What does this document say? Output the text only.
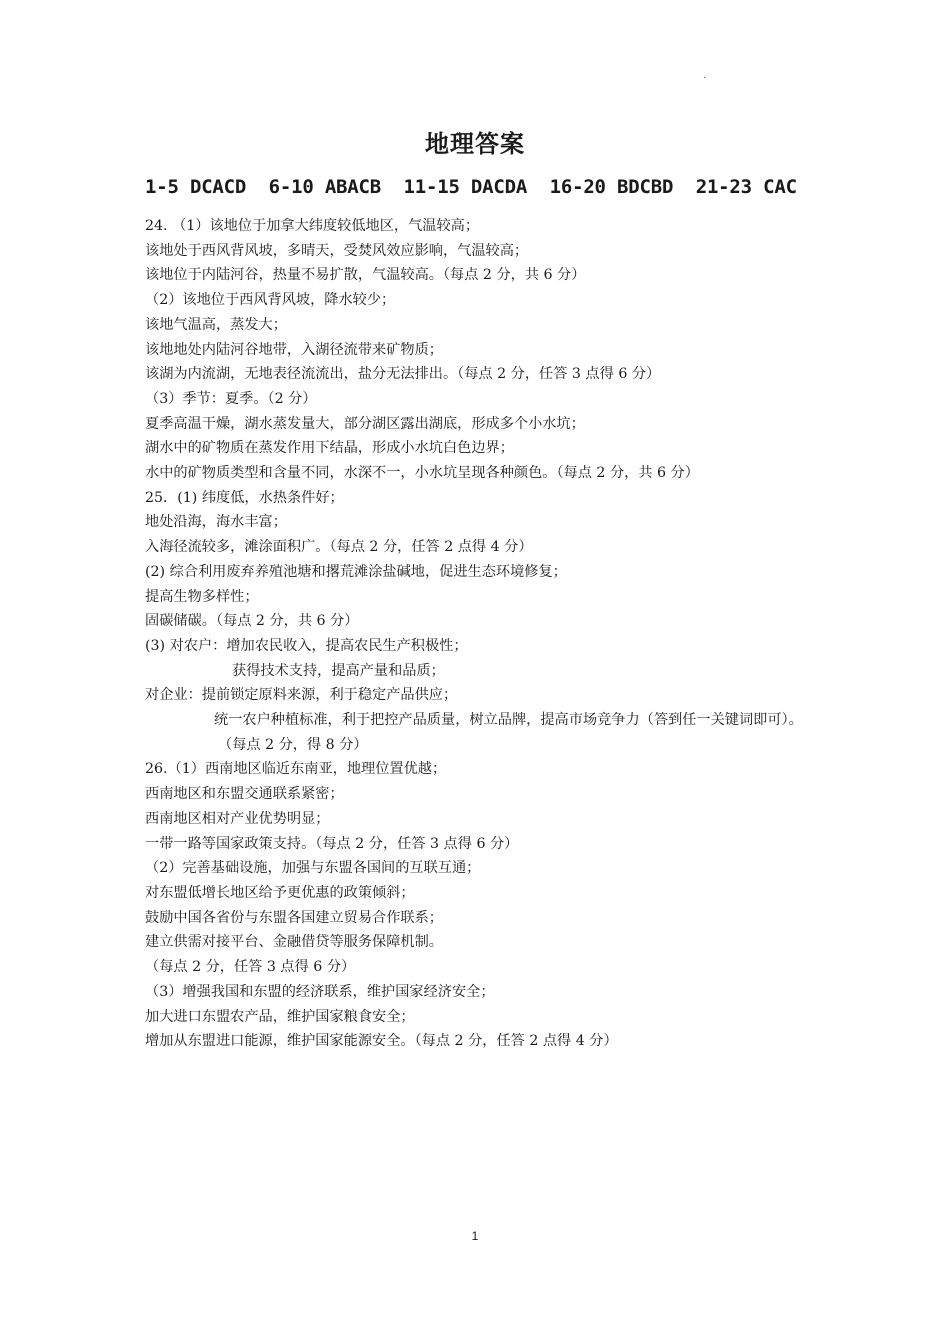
.
地理答案
1-5 DCACD  6-10 ABACB  11-15 DACDA  16-20 BDCBD  21-23 CAC
24. （1）该地位于加拿大纬度较低地区，气温较高；
该地处于西风背风坡，多晴天，受焚风效应影响，气温较高；
该地位于内陆河谷，热量不易扩散，气温较高。（每点 2 分，共 6 分）
（2）该地位于西风背风坡，降水较少；
该地气温高，蒸发大；
该地地处内陆河谷地带，入湖径流带来矿物质；
该湖为内流湖，无地表径流流出，盐分无法排出。（每点 2 分，任答 3 点得 6 分）
（3）季节：夏季。（2 分）
夏季高温干燥，湖水蒸发量大，部分湖区露出湖底，形成多个小水坑；
湖水中的矿物质在蒸发作用下结晶，形成小水坑白色边界；
水中的矿物质类型和含量不同，水深不一，小水坑呈现各种颜色。（每点 2 分，共 6 分）
25．(1) 纬度低，水热条件好；
地处沿海，海水丰富；
入海径流较多，滩涂面积广。（每点 2 分，任答 2 点得 4 分）
(2) 综合利用废弃养殖池塘和撂荒滩涂盐碱地，促进生态环境修复；
提高生物多样性；
固碳储碳。（每点 2 分，共 6 分）
(3) 对农户：增加农民收入，提高农民生产积极性；
获得技术支持，提高产量和品质；
对企业：提前锁定原料来源，利于稳定产品供应；
统一农户种植标准，利于把控产品质量，树立品牌，提高市场竞争力（答到任一关键词即可）。
（每点 2 分，得 8 分）
26.（1）西南地区临近东南亚，地理位置优越；
西南地区和东盟交通联系紧密；
西南地区相对产业优势明显；
一带一路等国家政策支持。（每点 2 分，任答 3 点得 6 分）
（2）完善基础设施，加强与东盟各国间的互联互通；
对东盟低增长地区给予更优惠的政策倾斜；
鼓励中国各省份与东盟各国建立贸易合作联系；
建立供需对接平台、金融借贷等服务保障机制。
（每点 2 分，任答 3 点得 6 分）
（3）增强我国和东盟的经济联系，维护国家经济安全；
加大进口东盟农产品，维护国家粮食安全；
增加从东盟进口能源，维护国家能源安全。（每点 2 分，任答 2 点得 4 分）
1
